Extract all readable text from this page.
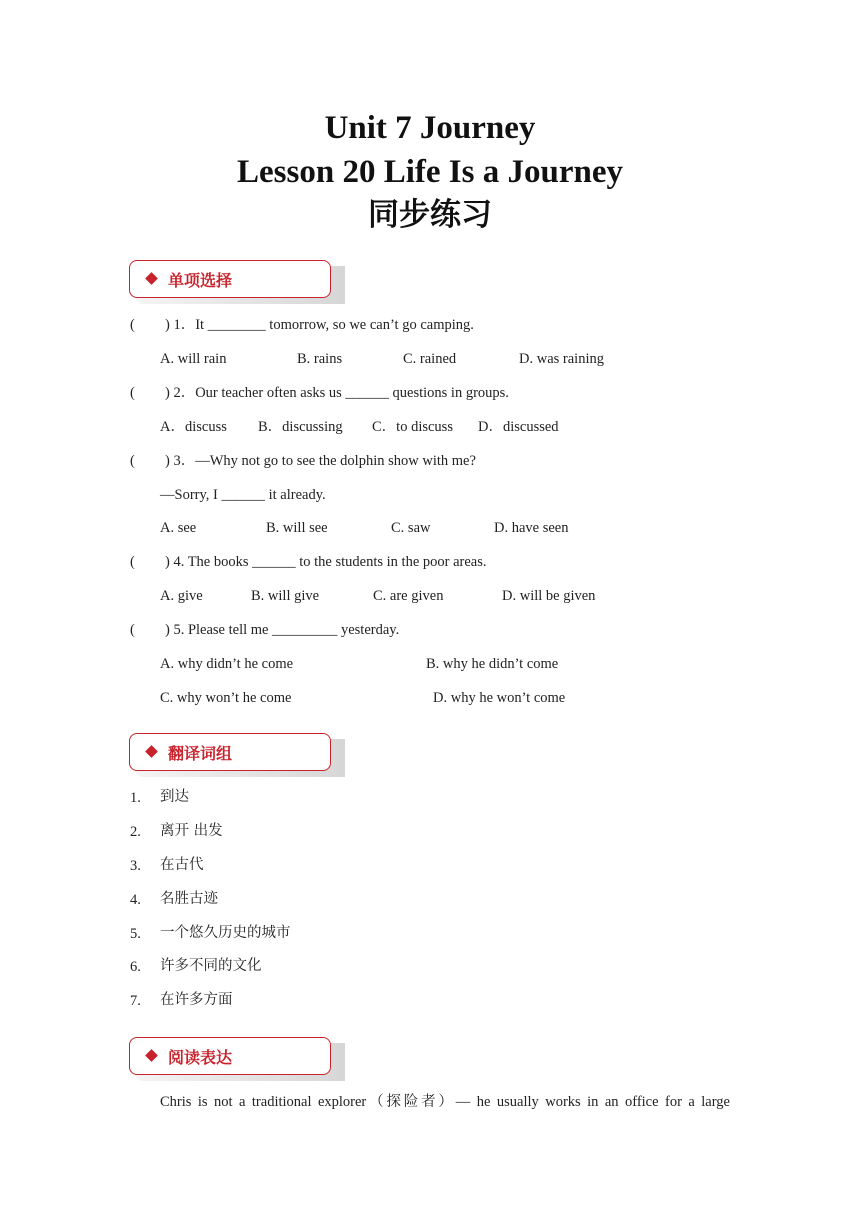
Unit 7 Journey
Lesson 20 Life Is a Journey
同步练习
单项选择
( ) 1．It ________ tomorrow, so we can’t go camping.
A. will rain	B. rains	C. rained	D. was raining
( ) 2．Our teacher often asks us ______ questions in groups.
A．discuss B．discussing C．to discuss D．discussed
( ) 3．—Why not go to see the dolphin show with me?
—Sorry, I ______ it already.
A. see	B. will see	C. saw	D. have seen
( ) 4. The books ______ to the students in the poor areas.
A. give	B. will give	C. are given	D. will be given
( ) 5. Please tell me _________ yesterday.
A. why didn’t he come	B. why he didn’t come
C. why won’t he come	D. why he won’t come
翻译词组
1. 到达
2. 离开 出发
3. 在古代
4. 名胜古迹
5. 一个悠久历史的城市
6. 许多不同的文化
7. 在许多方面
阅读表达
Chris is not a traditional explorer（探险者）— he usually works in an office for a large
